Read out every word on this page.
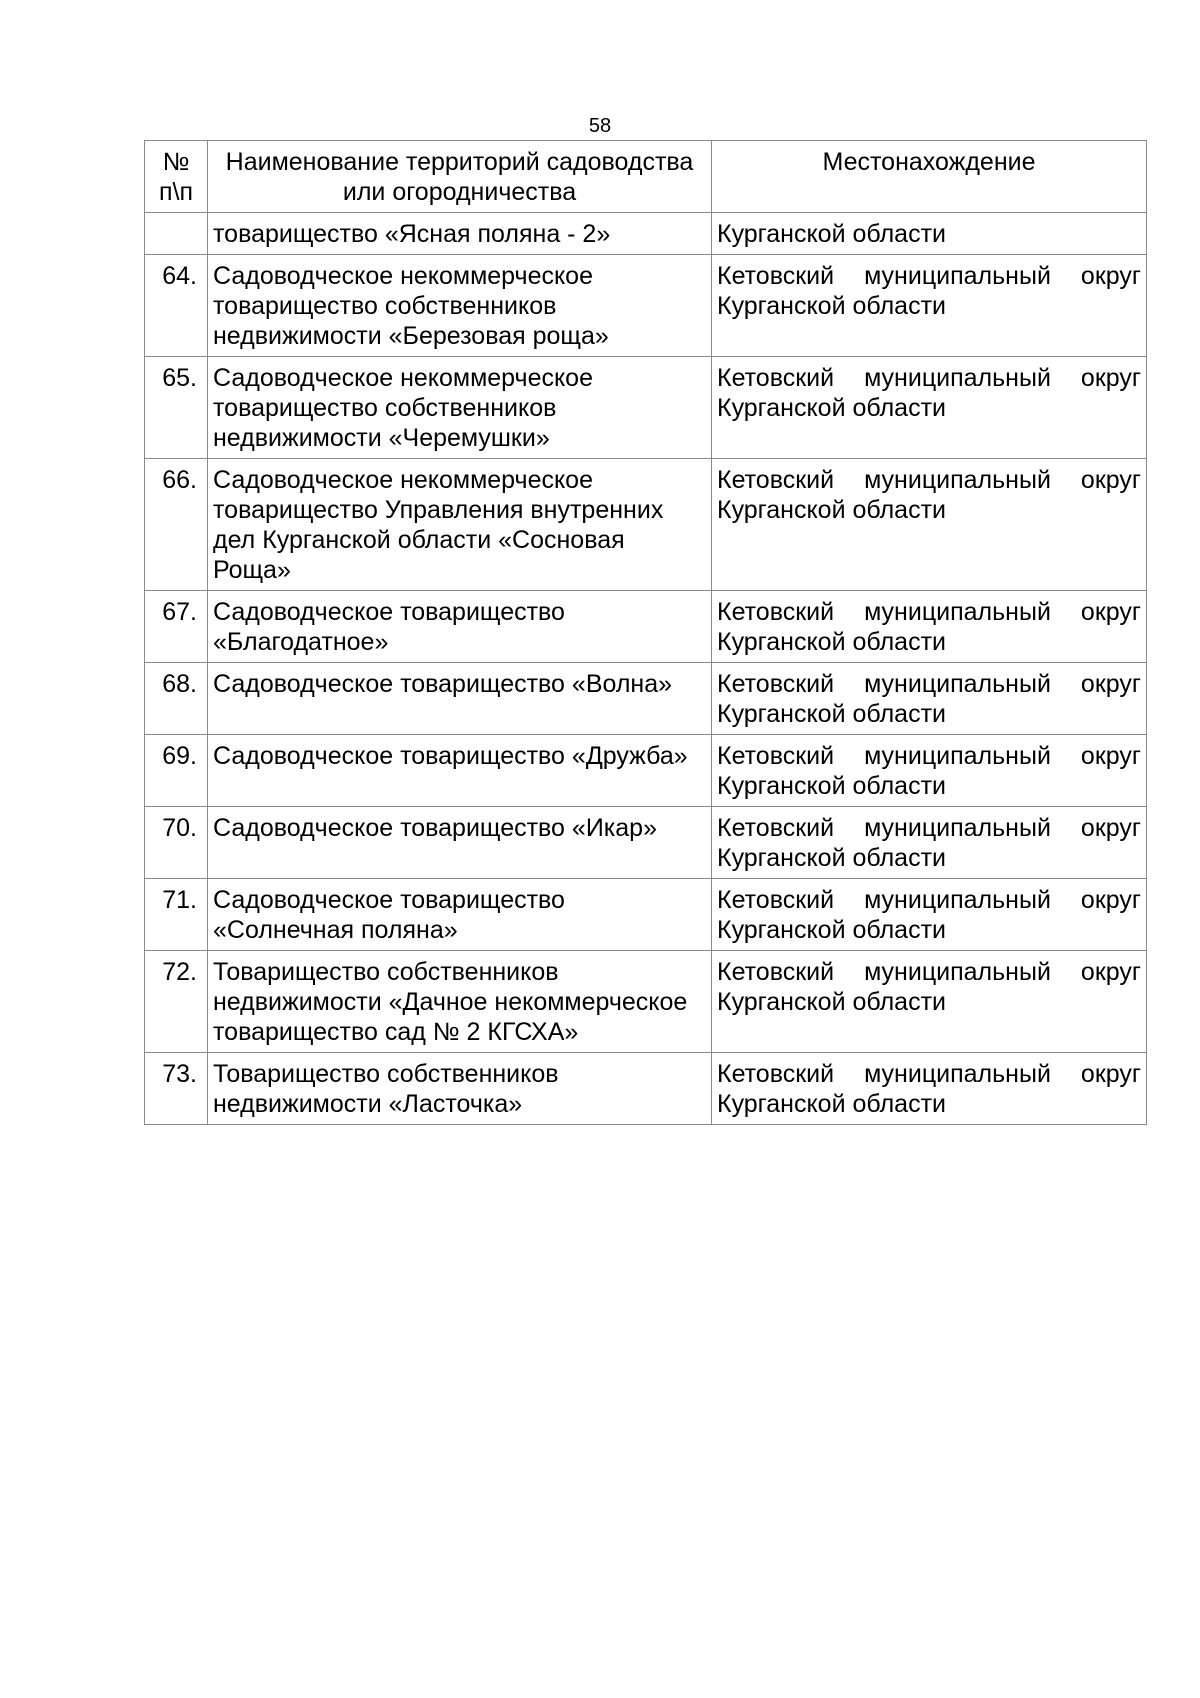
58
№ п\п	Наименование территорий садоводства или огородничества	Местонахождение
	товарищество «Ясная поляна - 2»	Курганской области
64.	Садоводческое некоммерческое товарищество собственников недвижимости «Березовая роща»	Кетовский муниципальный округ
Курганской области

65.	Садоводческое некоммерческое товарищество собственников недвижимости «Черемушки»	Кетовский муниципальный округ
Курганской области

66.	Садоводческое некоммерческое товарищество Управления внутренних дел Курганской области «Сосновая Роща»	Кетовский муниципальный округ
Курганской области

67.	Садоводческое товарищество «Благодатное»	Кетовский муниципальный округ
Курганской области

68.	Садоводческое товарищество «Волна»	Кетовский муниципальный округ
Курганской области

69.	Садоводческое товарищество «Дружба»	Кетовский муниципальный округ
Курганской области

70.	Садоводческое товарищество «Икар»	Кетовский муниципальный округ
Курганской области

71.	Садоводческое товарищество «Солнечная поляна»	Кетовский муниципальный округ
Курганской области

72.	Товарищество собственников недвижимости «Дачное некоммерческое товарищество сад № 2 КГСХА»	Кетовский муниципальный округ
Курганской области

73.	Товарищество собственников недвижимости «Ласточка»	Кетовский муниципальный округ
Курганской области
